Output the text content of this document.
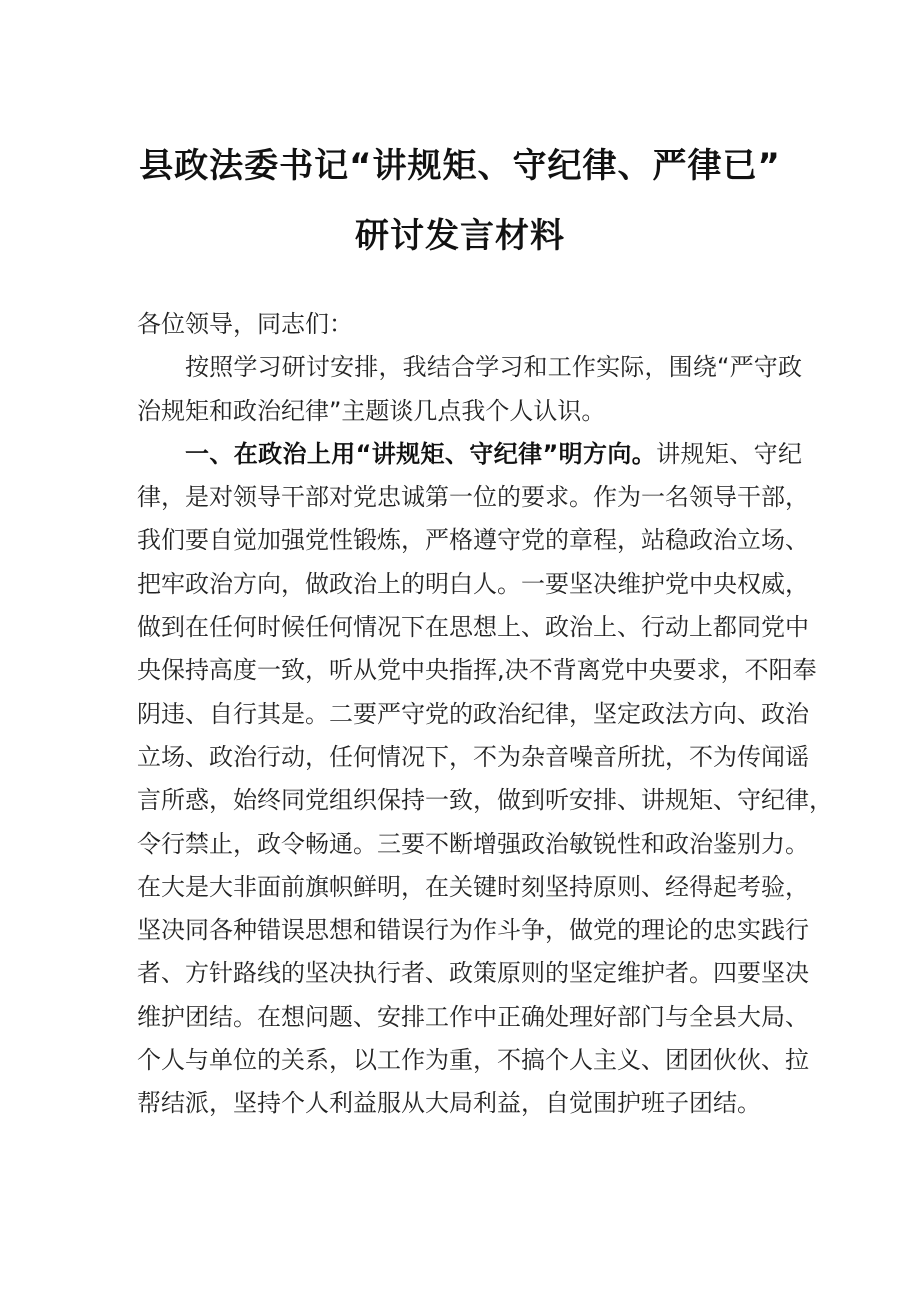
县政法委书记“讲规矩、守纪律、严律已”
研讨发言材料
各位领导，同志们：
按照学习研讨安排，我结合学习和工作实际，围绕“严守政
治规矩和政治纪律”主题谈几点我个人认识。
一、在政治上用“讲规矩、守纪律”明方向。讲规矩、守纪
律，是对领导干部对党忠诚第一位的要求。作为一名领导干部，
我们要自觉加强党性锻炼，严格遵守党的章程，站稳政治立场、
把牢政治方向，做政治上的明白人。一要坚决维护党中央权威，
做到在任何时候任何情况下在思想上、政治上、行动上都同党中
央保持高度一致，听从党中央指挥,决不背离党中央要求，不阳奉
阴违、自行其是。二要严守党的政治纪律，坚定政法方向、政治
立场、政治行动，任何情况下，不为杂音噪音所扰，不为传闻谣
言所惑，始终同党组织保持一致，做到听安排、讲规矩、守纪律，
令行禁止，政令畅通。三要不断增强政治敏锐性和政治鉴别力。
在大是大非面前旗帜鲜明，在关键时刻坚持原则、经得起考验，
坚决同各种错误思想和错误行为作斗争，做党的理论的忠实践行
者、方针路线的坚决执行者、政策原则的坚定维护者。四要坚决
维护团结。在想问题、安排工作中正确处理好部门与全县大局、
个人与单位的关系，以工作为重，不搞个人主义、团团伙伙、拉
帮结派，坚持个人利益服从大局利益，自觉围护班子团结。
